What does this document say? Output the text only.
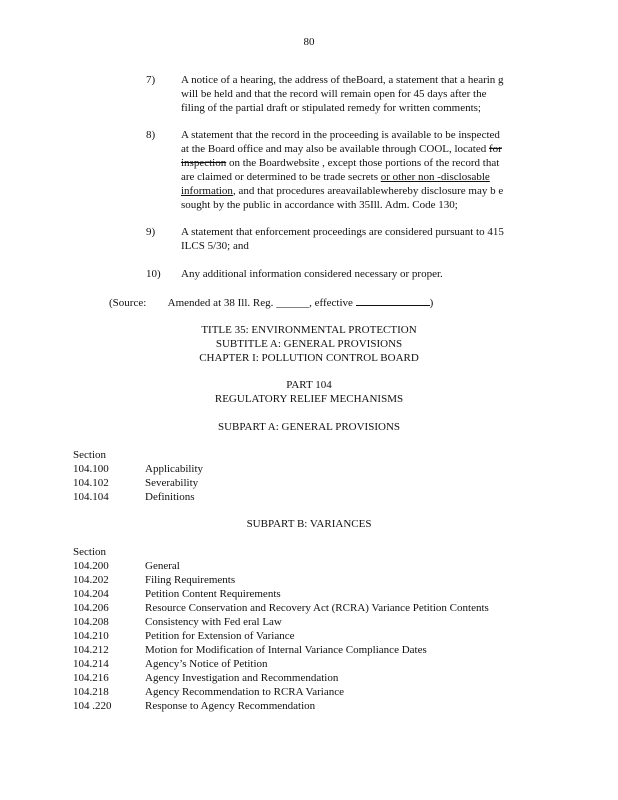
80
7) A notice of a hearing, the address of theBoard, a statement that a hearin g
will be held and that the record will remain open for 45 days after the
filing of the partial draft or stipulated remedy for written comments;
8) A statement that the record in the proceeding is available to be inspected
at the Board office and may also be available through COOL, located for
inspection on the Boardwebsite , except those portions of the record that
are claimed or determined to be trade secrets or other non -disclosable
information, and that procedures areavailablewhereby disclosure may b e
sought by the public in accordance with 35Ill. Adm. Code 130;
9) A statement that enforcement proceedings are considered pursuant to 415
ILCS 5/30; and
10) Any additional information considered necessary or proper.
(Source: Amended at 38 Ill. Reg. ______, effective	)
TITLE 35: ENVIRONMENTAL PROTECTION
SUBTITLE A: GENERAL PROVISIONS
CHAPTER I: POLLUTION CONTROL BOARD
PART 104
REGULATORY RELIEF MECHANISMS
SUBPART A: GENERAL PROVISIONS
Section
104.100	Applicability
104.102	Severability
104.104	Definitions
SUBPART B: VARIANCES
Section
104.200	General
104.202	Filing Requirements
104.204	Petition Content Requirements
104.206	Resource Conservation and Recovery Act (RCRA) Variance Petition Contents
104.208	Consistency with Fed eral Law
104.210	Petition for Extension of Variance
104.212	Motion for Modification of Internal Variance Compliance Dates
104.214	Agency’s Notice of Petition
104.216	Agency Investigation and Recommendation
104.218	Agency Recommendation to RCRA Variance
104 .220	Response to Agency Recommendation
